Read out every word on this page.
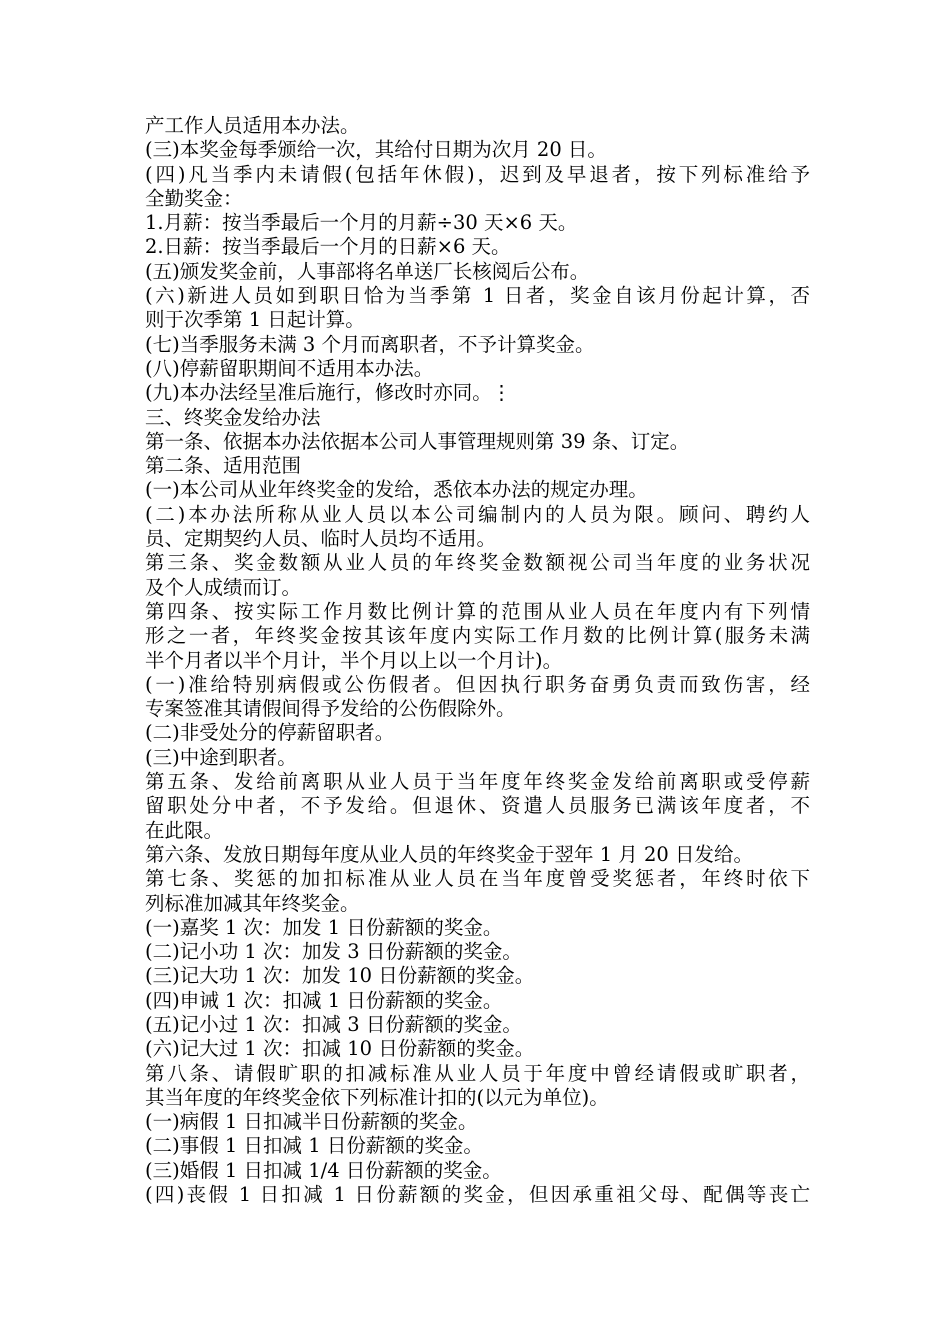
产工作人员适用本办法。
(三)本奖金每季颁给一次，其给付日期为次月 20 日。
(四)凡当季内未请假(包括年休假)，迟到及早退者，按下列标准给予
全勤奖金：
1.月薪：按当季最后一个月的月薪÷30 天×6 天。
2.日薪：按当季最后一个月的日薪×6 天。
(五)颁发奖金前，人事部将名单送厂长核阅后公布。
(六)新进人员如到职日恰为当季第 1 日者，奖金自该月份起计算，否
则于次季第 1 日起计算。
(七)当季服务未满 3 个月而离职者，不予计算奖金。
(八)停薪留职期间不适用本办法。
(九)本办法经呈准后施行，修改时亦同。⋮
三、终奖金发给办法
第一条、依据本办法依据本公司人事管理规则第 39 条、订定。
第二条、适用范围
(一)本公司从业年终奖金的发给，悉依本办法的规定办理。
(二)本办法所称从业人员以本公司编制内的人员为限。顾问、聘约人
员、定期契约人员、临时人员均不适用。
第三条、奖金数额从业人员的年终奖金数额视公司当年度的业务状况
及个人成绩而订。
第四条、按实际工作月数比例计算的范围从业人员在年度内有下列情
形之一者，年终奖金按其该年度内实际工作月数的比例计算(服务未满
半个月者以半个月计，半个月以上以一个月计)。
(一)准给特别病假或公伤假者。但因执行职务奋勇负责而致伤害，经
专案签准其请假间得予发给的公伤假除外。
(二)非受处分的停薪留职者。
(三)中途到职者。
第五条、发给前离职从业人员于当年度年终奖金发给前离职或受停薪
留职处分中者，不予发给。但退休、资遣人员服务已满该年度者，不
在此限。
第六条、发放日期每年度从业人员的年终奖金于翌年 1 月 20 日发给。
第七条、奖惩的加扣标准从业人员在当年度曾受奖惩者，年终时依下
列标准加减其年终奖金。
(一)嘉奖 1 次：加发 1 日份薪额的奖金。
(二)记小功 1 次：加发 3 日份薪额的奖金。
(三)记大功 1 次：加发 10 日份薪额的奖金。
(四)申诫 1 次：扣减 1 日份薪额的奖金。
(五)记小过 1 次：扣减 3 日份薪额的奖金。
(六)记大过 1 次：扣减 10 日份薪额的奖金。
第八条、请假旷职的扣减标准从业人员于年度中曾经请假或旷职者，
其当年度的年终奖金依下列标准计扣的(以元为单位)。
(一)病假 1 日扣减半日份薪额的奖金。
(二)事假 1 日扣减 1 日份薪额的奖金。
(三)婚假 1 日扣减 1/4 日份薪额的奖金。
(四)丧假 1 日扣减 1 日份薪额的奖金，但因承重祖父母、配偶等丧亡
